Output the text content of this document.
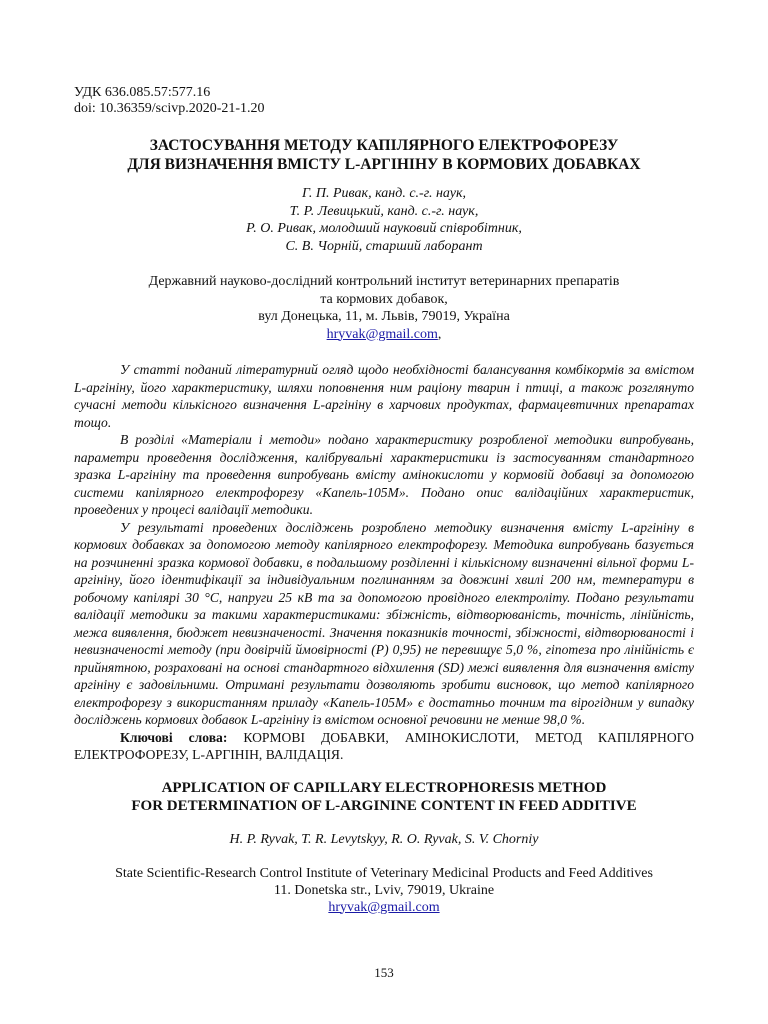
УДК 636.085.57:577.16
doi: 10.36359/scivp.2020-21-1.20
ЗАСТОСУВАННЯ МЕТОДУ КАПІЛЯРНОГО ЕЛЕКТРОФОРЕЗУ
ДЛЯ ВИЗНАЧЕННЯ ВМІСТУ L-АРГІНІНУ В КОРМОВИХ ДОБАВКАХ
Г. П. Ривак, канд. с.-г. наук,
Т. Р. Левицький, канд. с.-г. наук,
Р. О. Ривак, молодший науковий співробітник,
С. В. Чорній, старший лаборант
Державний науково-дослідний контрольний інститут ветеринарних препаратів
та кормових добавок,
вул Донецька, 11, м. Львів, 79019, Україна
hryvak@gmail.com,

У статті поданий літературний огляд щодо необхідності балансування комбікормів за вмістом L-аргініну, його характеристику, шляхи поповнення ним раціону тварин і птиці, а також розглянуто сучасні методи кількісного визначення L-аргініну в харчових продуктах, фармацевтичних препаратах тощо.

В розділі «Матеріали і методи» подано характеристику розробленої методики випробувань, параметри проведення дослідження, калібрувальні характеристики із застосуванням стандартного зразка L-аргініну та проведення випробувань вмісту амінокислоти у кормовій добавці за допомогою системи капілярного електрофорезу «Капель-105М». Подано опис валідаційних характеристик, проведених у процесі валідації методики.

У результаті проведених досліджень розроблено методику визначення вмісту L-аргініну в кормових добавках за допомогою методу капілярного електрофорезу. Методика випробувань базується на розчиненні зразка кормової добавки, в подальшому розділенні і кількісному визначенні вільної форми L-аргініну, його ідентифікації за індивідуальним поглинанням за довжині хвилі 200 нм, температури в робочому капілярі 30 °С, напруги 25 кВ та за допомогою провідного електроліту. Подано результати валідації методики за такими характеристиками: збіжність, відтворюваність, точність, лінійність, межа виявлення, бюджет невизначеності. Значення показників точності, збіжності, відтворюваності і невизначеності методу (при довірчій ймовірності (Р) 0,95) не перевищує 5,0 %, гіпотеза про лінійність є прийнятною, розраховані на основі стандартного відхилення (SD) межі виявлення для визначення вмісту аргініну є задовільними. Отримані результати дозволяють зробити висновок, що метод капілярного електрофорезу з використанням приладу «Капель-105М» є достатньо точним та вірогідним у випадку досліджень кормових добавок L-аргініну із вмістом основної речовини не менше 98,0 %.

Ключові слова: КОРМОВІ ДОБАВКИ, АМІНОКИСЛОТИ, МЕТОД КАПІЛЯРНОГО ЕЛЕКТРОФОРЕЗУ, L-АРГІНІН, ВАЛІДАЦІЯ.

APPLICATION OF CAPILLARY ELECTROPHORESIS METHOD
FOR DETERMINATION OF L-ARGININE CONTENT IN FEED ADDITIVE
H. P. Ryvak, T. R. Levytskyy, R. O. Ryvak, S. V. Chorniy
State Scientific-Research Control Institute of Veterinary Medicinal Products and Feed Additives
11. Donetska str., Lviv, 79019, Ukraine
hryvak@gmail.com
153
